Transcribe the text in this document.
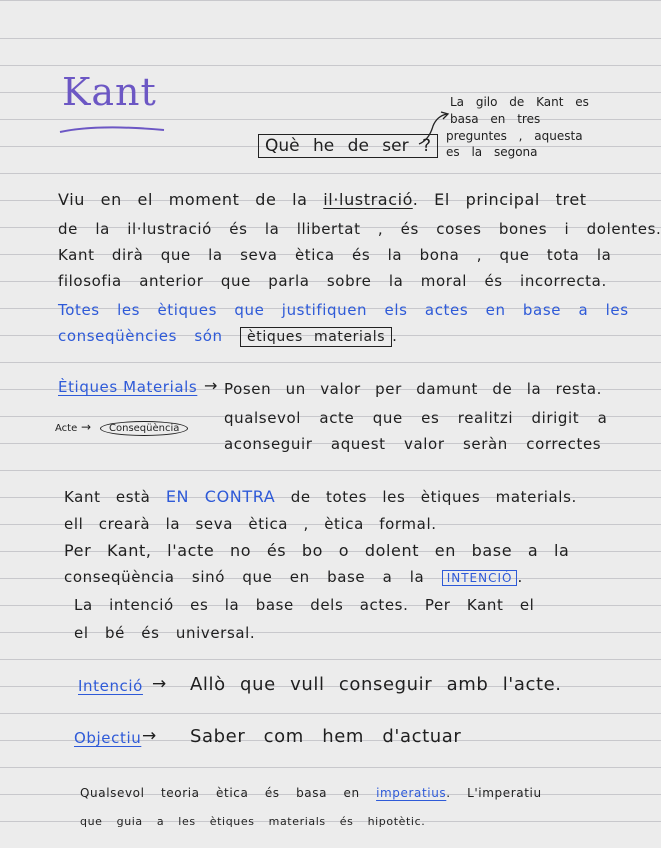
Kant
Què he de ser ?
La gilo de Kant es
basa en tres
preguntes , aquesta
es la segona
Viu en el moment de la il·lustració. El principal tret
de la il·lustració és la llibertat , és coses bones i dolentes.
Kant dirà que la seva ètica és la bona , que tota la
filosofia anterior que parla sobre la moral és incorrecta.
Totes les ètiques que justifiquen els actes en base a les
conseqüències són ètiques materials .
Ètiques Materials → Posen un valor per damunt de la resta.
qualsevol acte que es realitzi dirigit a
aconseguir aquest valor seràn correctes
Acte →	Conseqüència
Kant està EN CONTRA de totes les ètiques materials.
ell crearà la seva ètica , ètica formal.
Per Kant, l'acte no és bo o dolent en base a la
conseqüència sinó que en base a la INTENCIÓ .
La intenció es la base dels actes. Per Kant el
el bé és universal.
Intenció → Allò que vull conseguir amb l'acte.
Objectiu → Saber com hem d'actuar
Qualsevol teoria ètica és basa en imperatius. L'imperatiu
que guia a les ètiques materials és hipotètic.
